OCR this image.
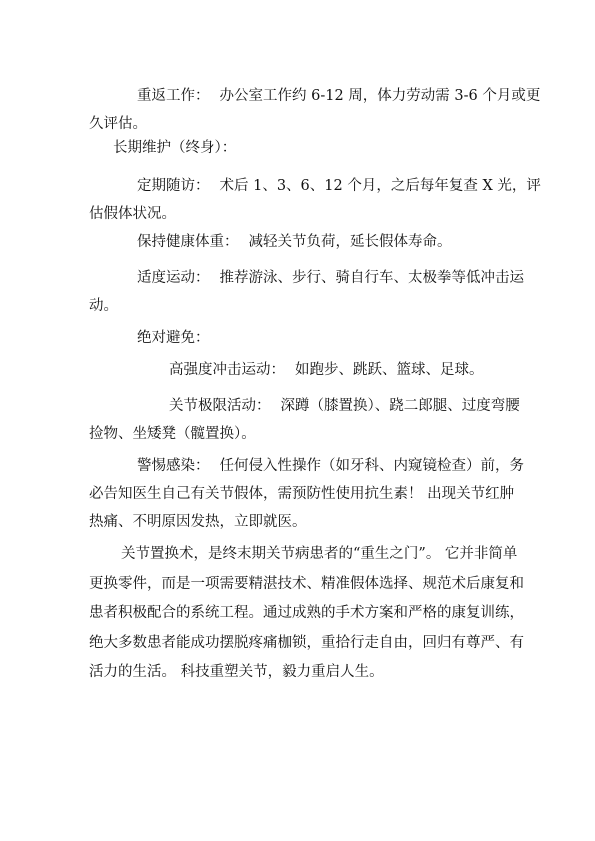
重返工作： 办公室工作约 6-12 周，体力劳动需 3-6 个月或更
久评估。
长期维护（终身）：
定期随访： 术后 1、3、6、12 个月，之后每年复查 X 光，评
估假体状况。
保持健康体重： 减轻关节负荷，延长假体寿命。
适度运动： 推荐游泳、步行、骑自行车、太极拳等低冲击运
动。
绝对避免：
高强度冲击运动： 如跑步、跳跃、篮球、足球。
关节极限活动： 深蹲（膝置换）、跷二郎腿、过度弯腰
捡物、坐矮凳（髋置换）。
警惕感染： 任何侵入性操作（如牙科、内窥镜检查）前，务
必告知医生自己有关节假体，需预防性使用抗生素！ 出现关节红肿
热痛、不明原因发热，立即就医。
关节置换术，是终末期关节病患者的“重生之门”。 它并非简单
更换零件，而是一项需要精湛技术、精准假体选择、规范术后康复和
患者积极配合的系统工程。通过成熟的手术方案和严格的康复训练，
绝大多数患者能成功摆脱疼痛枷锁，重拾行走自由，回归有尊严、有
活力的生活。 科技重塑关节，毅力重启人生。
